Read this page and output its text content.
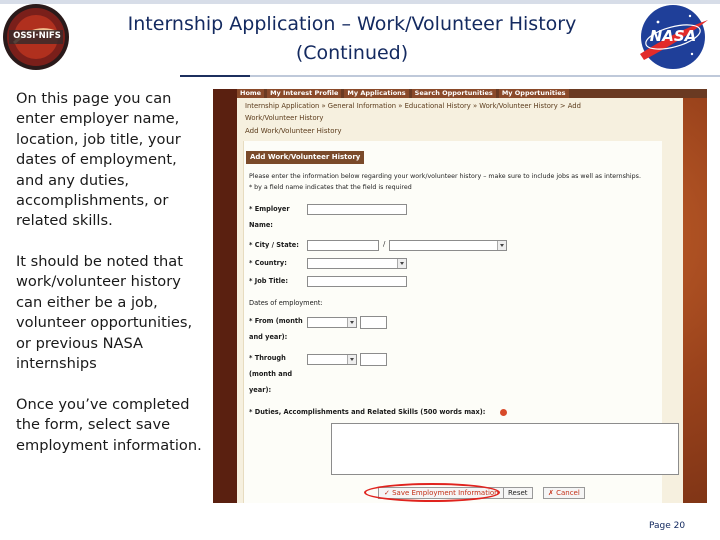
OSSI·NIFS	NASA
Internship Application – Work/Volunteer History
(Continued)
On this page you can enter employer name, location, job title, your dates of employment, and any duties, accomplishments, or related skills.
It should be noted that work/volunteer history can either be a job, volunteer opportunities, or previous NASA internships
Once you’ve completed the form, select save employment information.
Home	My Interest Profile	My Applications	Search Opportunities	My Opportunities
Internship Application » General Information » Educational History » Work/Volunteer History > Add Work/Volunteer History
Add Work/Volunteer History
Add Work/Volunteer History
Please enter the information below regarding your work/volunteer history – make sure to include jobs as well as internships.
* by a field name indicates that the field is required
* Employer Name:
* City / State:	/
* Country:
* Job Title:
Dates of employment:
* From (month and year):
* Through (month and year):
* Duties, Accomplishments and Related Skills (500 words max):
✓ Save Employment Information	Reset	✗ Cancel
Page 20
